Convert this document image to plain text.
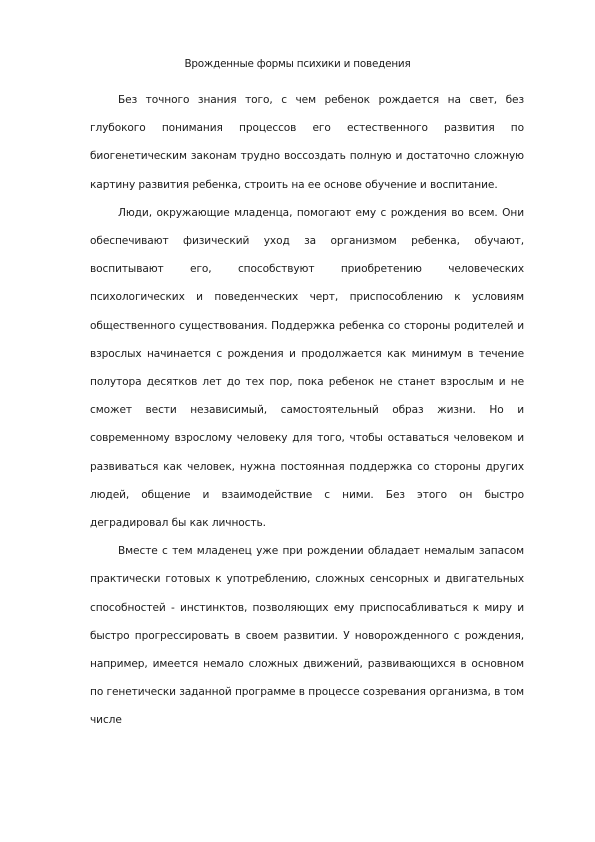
Врожденные формы психики и поведения

Без точного знания того, с чем ребенок рождается на свет, без глубокого понимания процессов его естественного развития по биогенетическим законам трудно воссоздать полную и достаточно сложную картину развития ребенка, строить на ее основе обучение и воспитание.

Люди, окружающие младенца, помогают ему с рождения во всем. Они обеспечивают физический уход за организмом ребенка, обучают, воспитывают его, способствуют приобретению человеческих психологических и поведенческих черт, приспособлению к условиям общественного существования. Поддержка ребенка со стороны родителей и взрослых начинается с рождения и продолжается как минимум в течение полутора десятков лет до тех пор, пока ребенок не станет взрослым и не сможет вести независимый, самостоятельный образ жизни. Но и современному взрослому человеку для того, чтобы оставаться человеком и развиваться как человек, нужна постоянная поддержка со стороны других людей, общение и взаимодействие с ними. Без этого он быстро деградировал бы как личность.

Вместе с тем младенец уже при рождении обладает немалым запасом практически готовых к употреблению, сложных сенсорных и двигательных способностей - инстинктов, позволяющих ему приспосабливаться к миру и быстро прогрессировать в своем развитии. У новорожденного с рождения, например, имеется немало сложных движений, развивающихся в основном по генетически заданной программе в процессе созревания организма, в том числе
